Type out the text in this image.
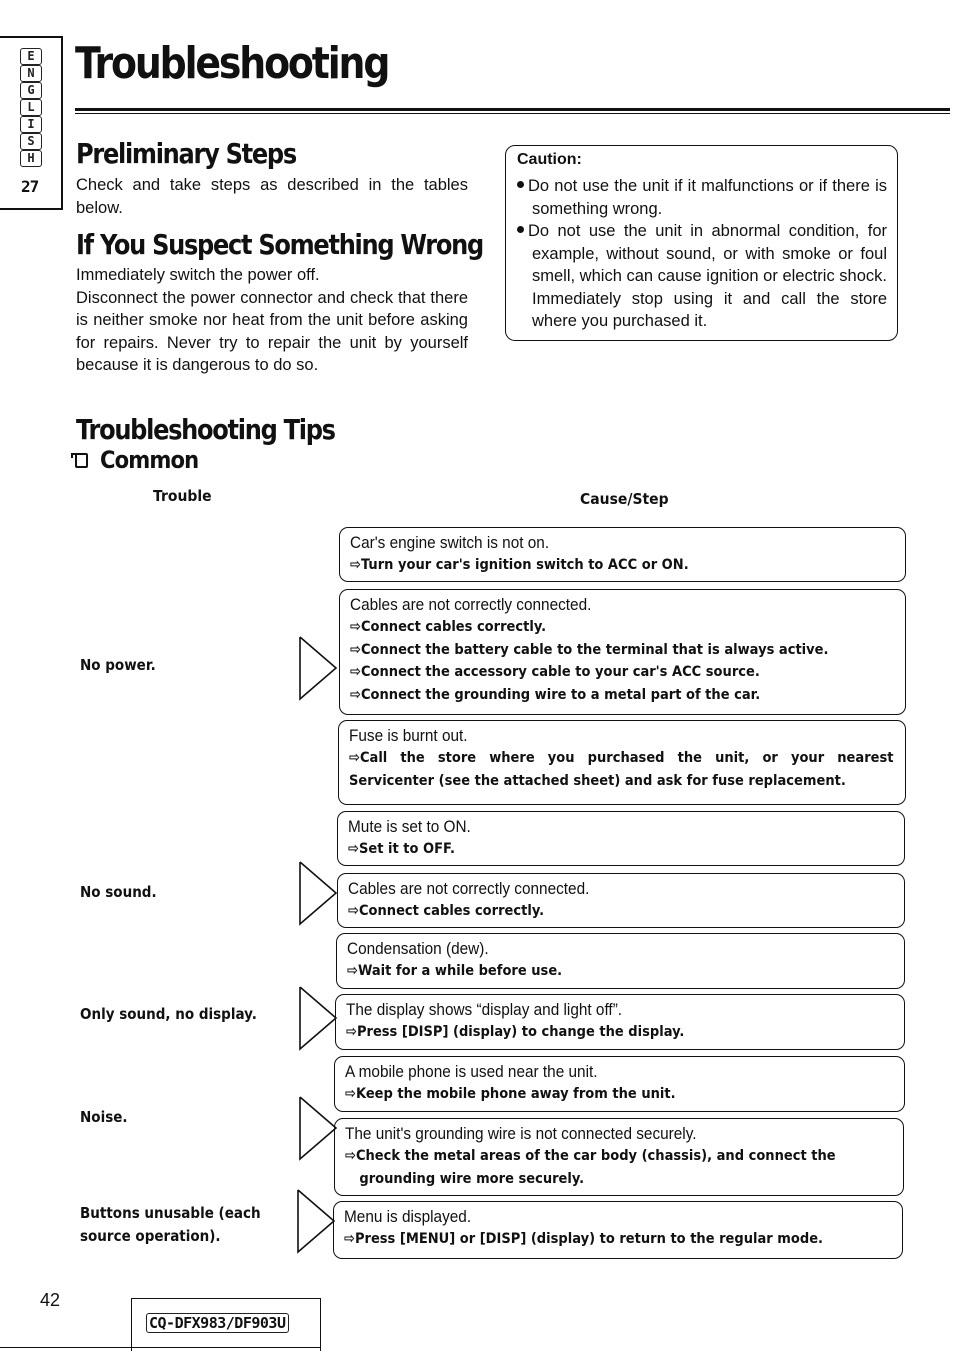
E
N
G
L
I
S
H
27
Troubleshooting
Preliminary Steps
Check and take steps as described in the tables below.
If You Suspect Something Wrong
Immediately switch the power off.
Disconnect the power connector and check that there is neither smoke nor heat from the unit before asking for repairs. Never try to repair the unit by yourself because it is dangerous to do so.
Caution:
Do not use the unit if it malfunctions or if there is something wrong.
Do not use the unit in abnormal condition, for example, without sound, or with smoke or foul smell, which can cause ignition or electric shock. Immediately stop using it and call the store where you purchased it.
Troubleshooting Tips
Common
Trouble	Cause/Step
No power.
No sound.
Only sound, no display.
Noise.
Buttons unusable (each
source operation).
Car's engine switch is not on.
⇨Turn your car's ignition switch to ACC or ON.
Cables are not correctly connected.
⇨Connect cables correctly.
⇨Connect the battery cable to the terminal that is always active.
⇨Connect the accessory cable to your car's ACC source.
⇨Connect the grounding wire to a metal part of the car.
Fuse is burnt out.
⇨Call the store where you purchased the unit, or your nearest Servicenter (see the attached sheet) and ask for fuse replacement.
Mute is set to ON.
⇨Set it to OFF.
Cables are not correctly connected.
⇨Connect cables correctly.
Condensation (dew).
⇨Wait for a while before use.
The display shows “display and light off”.
⇨Press [DISP] (display) to change the display.
A mobile phone is used near the unit.
⇨Keep the mobile phone away from the unit.
The unit's grounding wire is not connected securely.
⇨Check the metal areas of the car body (chassis), and connect the
grounding wire more securely.
Menu is displayed.
⇨Press [MENU] or [DISP] (display) to return to the regular mode.
42
CQ-DFX983/DF903U
